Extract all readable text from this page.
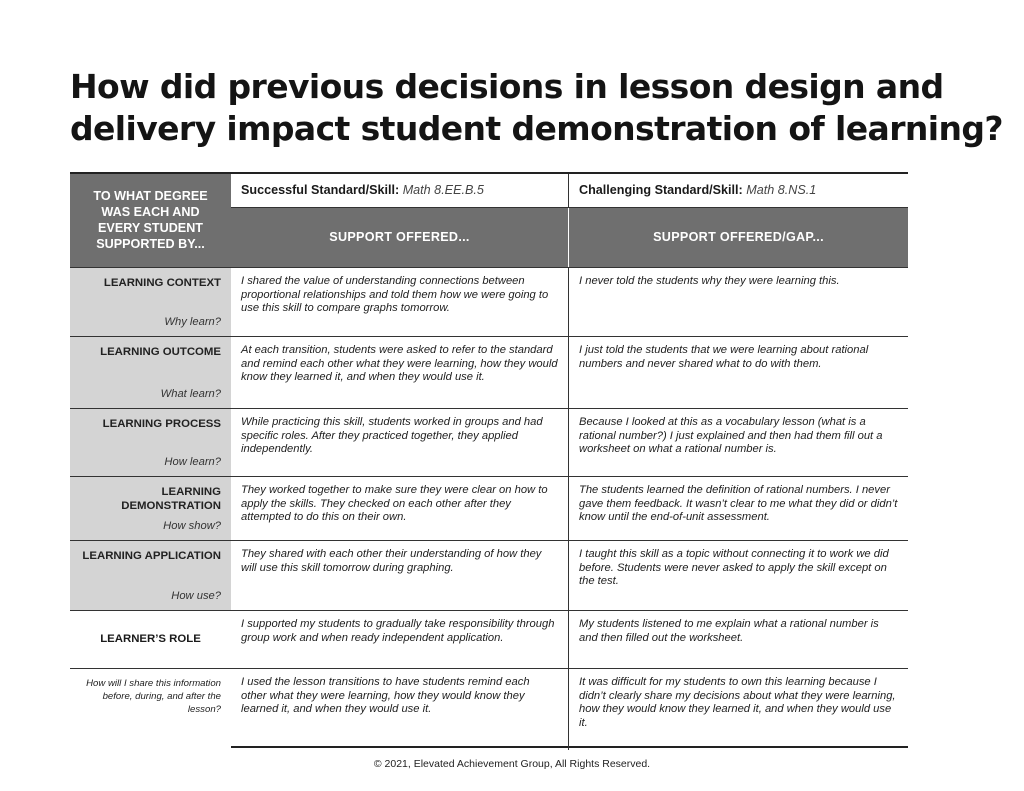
How did previous decisions in lesson design and
delivery impact student demonstration of learning?
TO WHAT DEGREE WAS EACH AND EVERY STUDENT SUPPORTED BY...
Successful Standard/Skill: Math 8.EE.B.5	Challenging Standard/Skill: Math 8.NS.1
SUPPORT OFFERED...	SUPPORT OFFERED/GAP...
LEARNING CONTEXT
Why learn?
I shared the value of understanding connections between proportional relationships and told them how we were going to use this skill to compare graphs tomorrow.
I never told the students why they were learning this.
LEARNING OUTCOME
What learn?
At each transition, students were asked to refer to the standard and remind each other what they were learning, how they would know they learned it, and when they would use it.
I just told the students that we were learning about rational numbers and never shared what to do with them.
LEARNING PROCESS
How learn?
While practicing this skill, students worked in groups and had specific roles. After they practiced together, they applied independently.
Because I looked at this as a vocabulary lesson (what is a rational number?) I just explained and then had them fill out a worksheet on what a rational number is.
LEARNING DEMONSTRATION
How show?
They worked together to make sure they were clear on how to apply the skills. They checked on each other after they attempted to do this on their own.
The students learned the definition of rational numbers. I never gave them feedback. It wasn’t clear to me what they did or didn’t know until the end-of-unit assessment.
LEARNING APPLICATION
How use?
They shared with each other their understanding of how they will use this skill tomorrow during graphing.
I taught this skill as a topic without connecting it to work we did before. Students were never asked to apply the skill except on the test.
LEARNER’S ROLE
I supported my students to gradually take responsibility through group work and when ready independent application.
My students listened to me explain what a rational number is and then filled out the worksheet.
How will I share this information before, during, and after the lesson?
I used the lesson transitions to have students remind each other what they were learning, how they would know they learned it, and when they would use it.
It was difficult for my students to own this learning because I didn’t clearly share my decisions about what they were learning, how they would know they learned it, and when they would use it.
© 2021, Elevated Achievement Group, All Rights Reserved.
